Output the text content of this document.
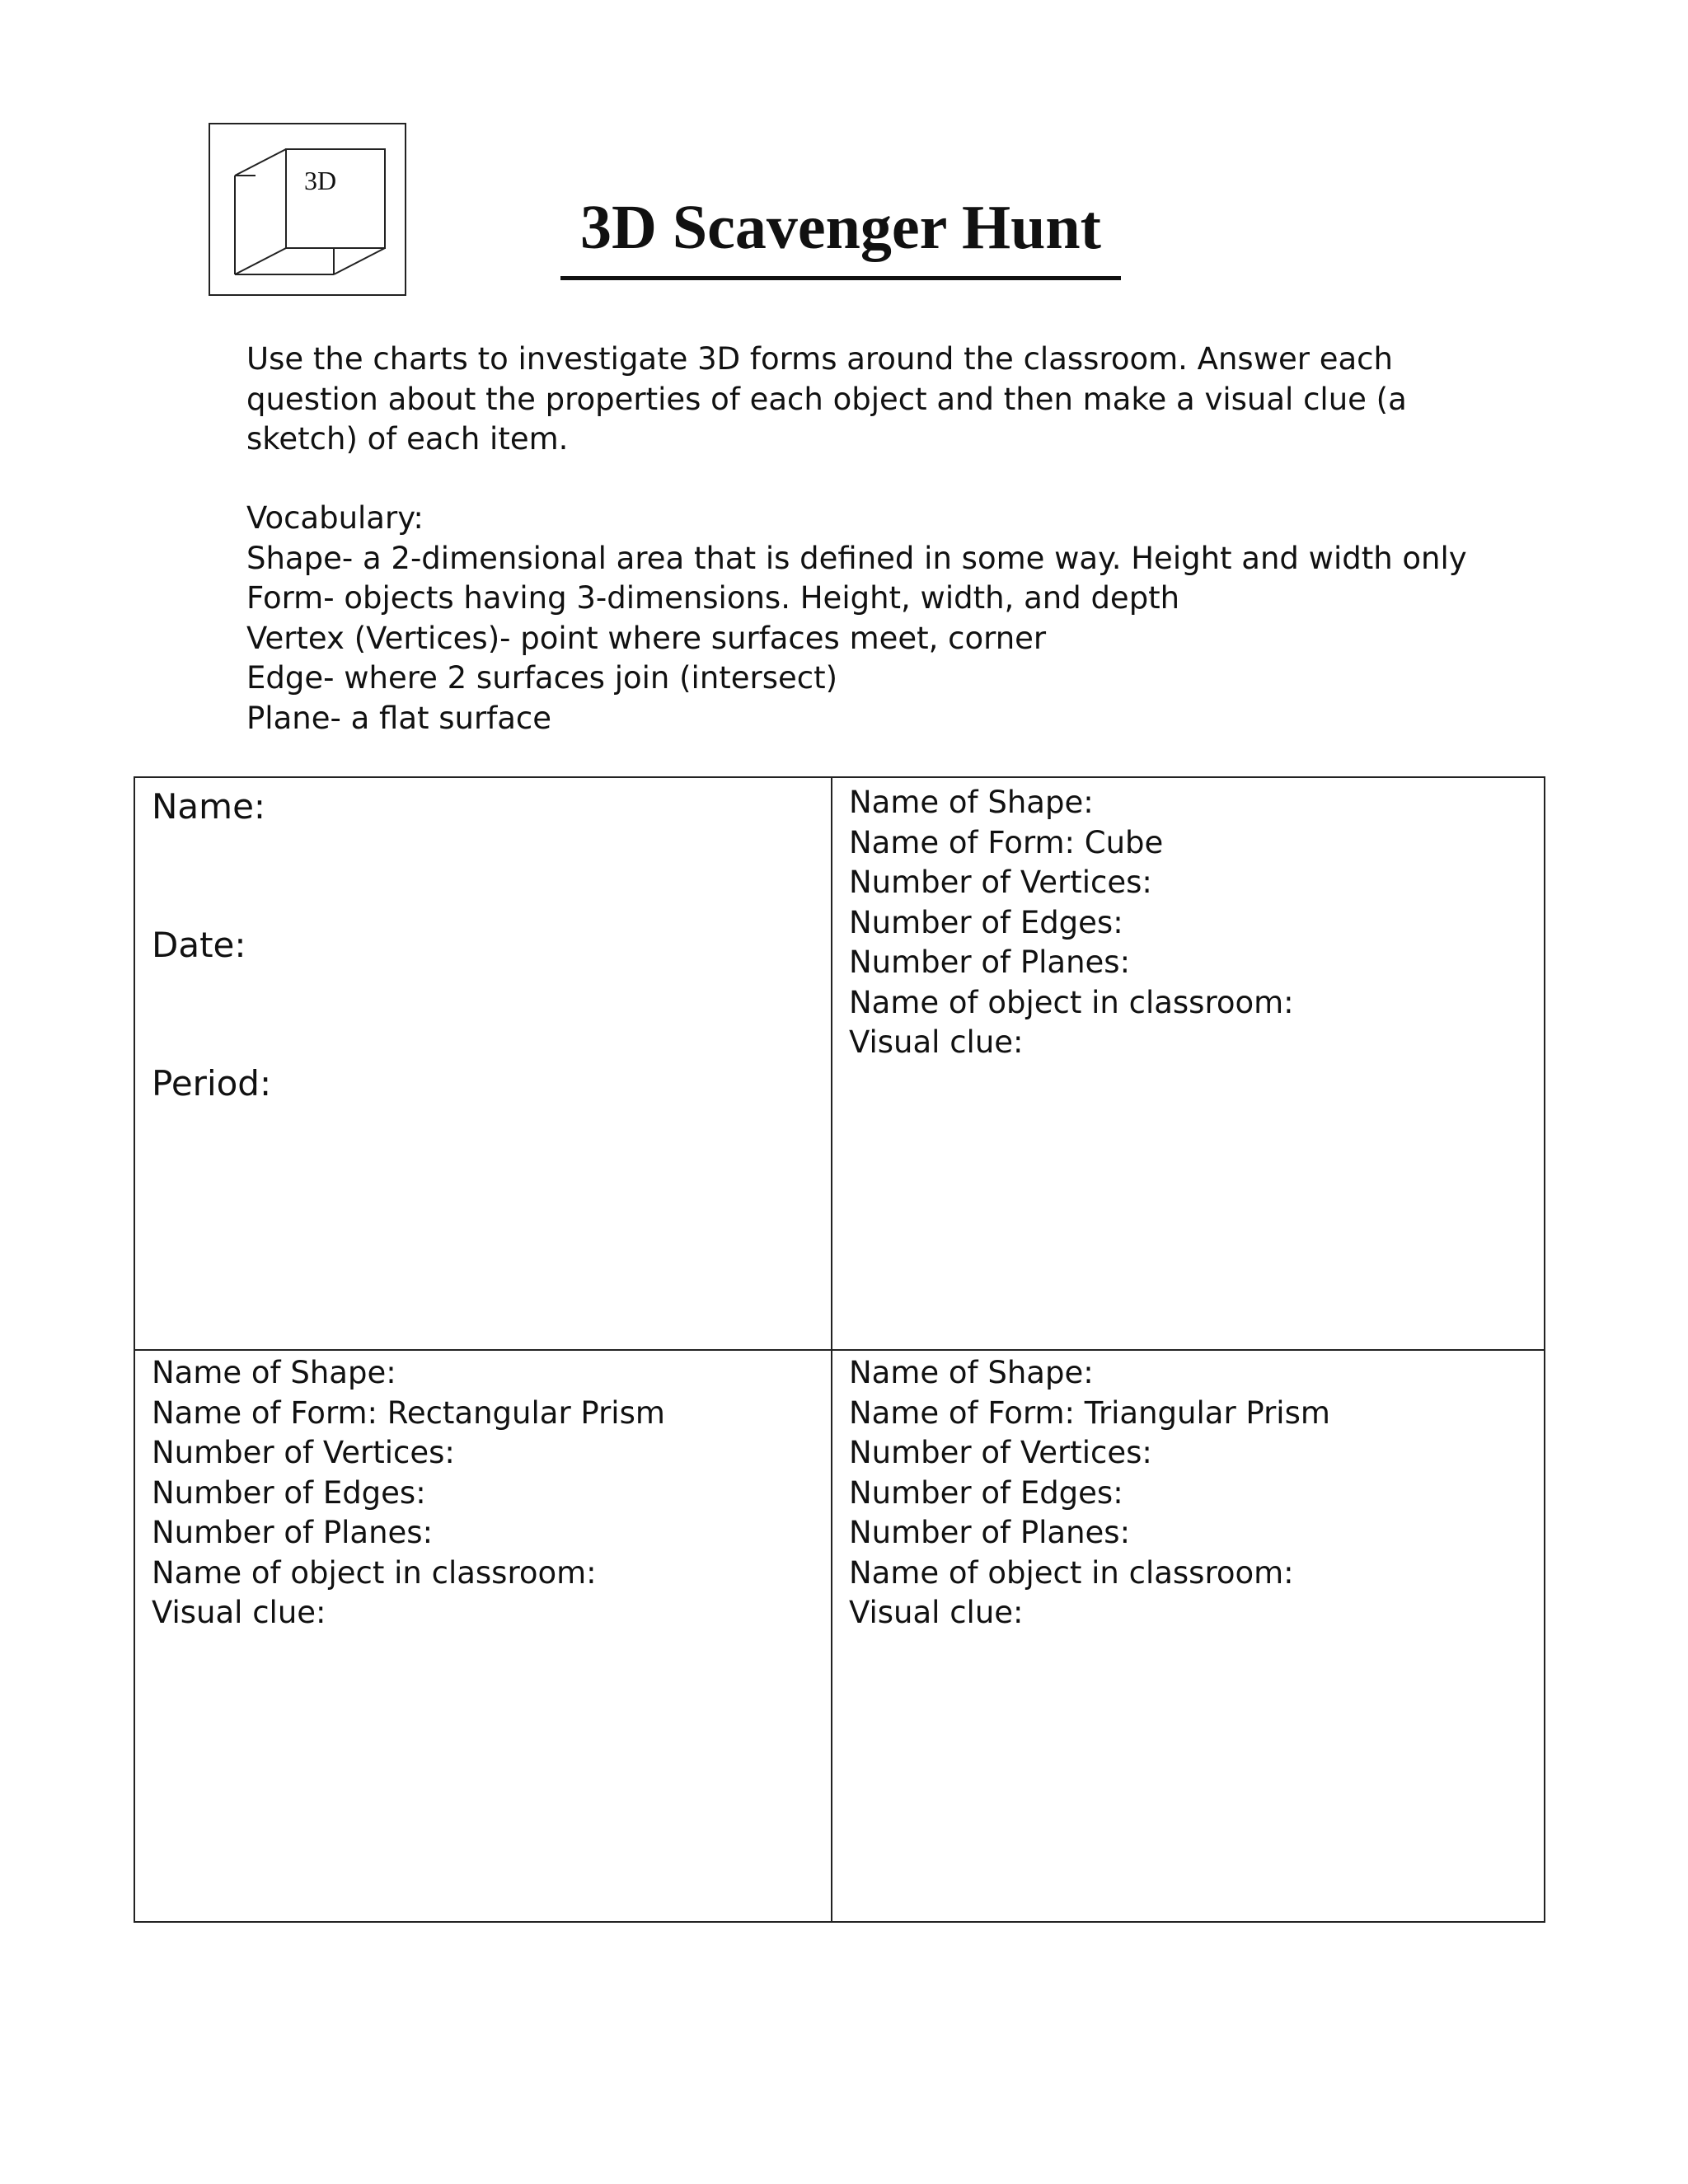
3D
3D Scavenger Hunt
Use the charts to investigate 3D forms around the classroom. Answer each question about the properties of each object and then make a visual clue (a sketch) of each item.
Vocabulary:
Shape- a 2-dimensional area that is defined in some way. Height and width only
Form- objects having 3-dimensions. Height, width, and depth
Vertex (Vertices)- point where surfaces meet, corner
Edge- where 2 surfaces join (intersect)
Plane- a flat surface
Name:
Date:
Period:
Name of Shape:
Name of Form: Cube
Number of Vertices:
Number of Edges:
Number of Planes:
Name of object in classroom:
Visual clue:
Name of Shape:
Name of Form: Rectangular Prism
Number of Vertices:
Number of Edges:
Number of Planes:
Name of object in classroom:
Visual clue:
Name of Shape:
Name of Form: Triangular Prism
Number of Vertices:
Number of Edges:
Number of Planes:
Name of object in classroom:
Visual clue:
